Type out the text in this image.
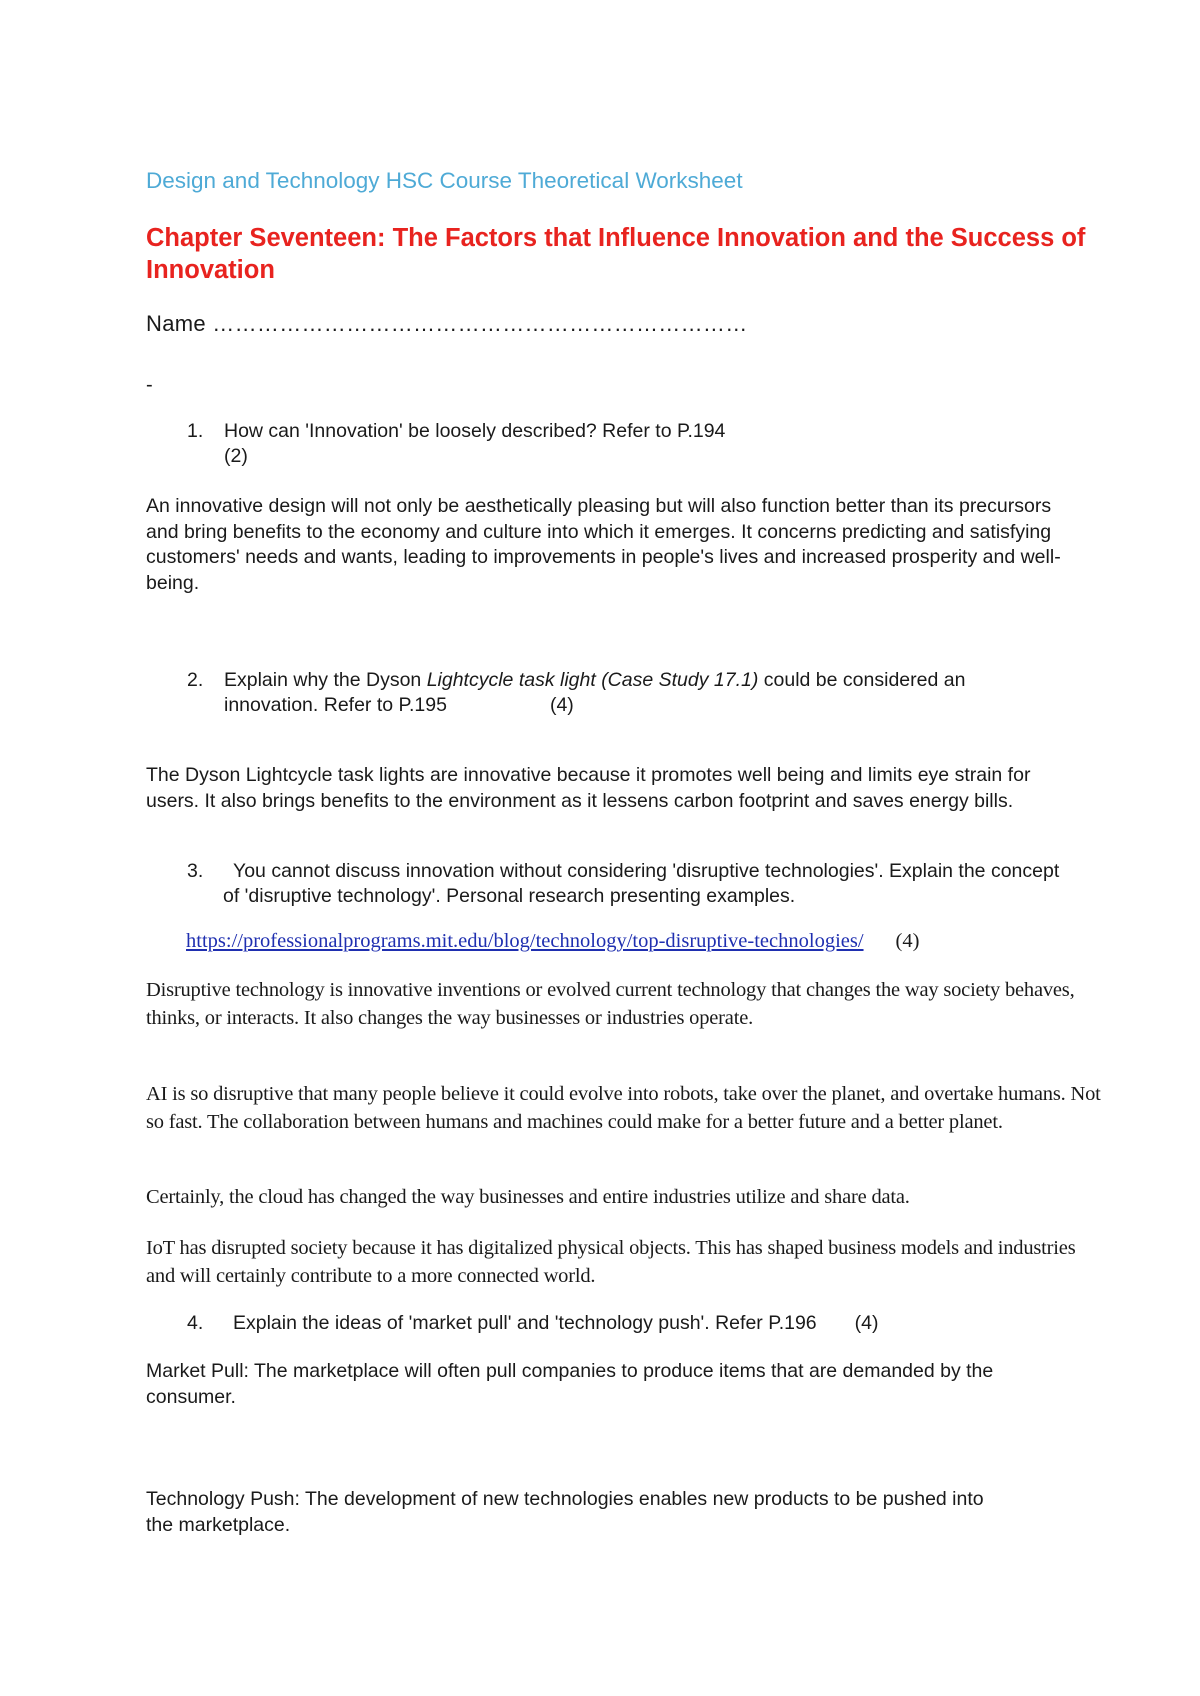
Design and Technology HSC Course Theoretical Worksheet

Chapter Seventeen: The Factors that Influence Innovation and the Success of Innovation

Name ………………………………………………………………

-

1. How can 'Innovation' be loosely described? Refer to P.194
(2)

An innovative design will not only be aesthetically pleasing but will also function better than its precursors and bring benefits to the economy and culture into which it emerges. It concerns predicting and satisfying customers' needs and wants, leading to improvements in people's lives and increased prosperity and well-being.

2. Explain why the Dyson Lightcycle task light (Case Study 17.1) could be considered an
innovation. Refer to P.195	(4)

The Dyson Lightcycle task lights are innovative because it promotes well being and limits eye strain for users. It also brings benefits to the environment as it lessens carbon footprint and saves energy bills.

3.	You cannot discuss innovation without considering 'disruptive technologies'. Explain the concept of 'disruptive technology'. Personal research presenting examples.

https://professionalprograms.mit.edu/blog/technology/top-disruptive-technologies/ (4)

Disruptive technology is innovative inventions or evolved current technology that changes the way society behaves, thinks, or interacts. It also changes the way businesses or industries operate.

AI is so disruptive that many people believe it could evolve into robots, take over the planet, and overtake humans. Not so fast. The collaboration between humans and machines could make for a better future and a better planet.

Certainly, the cloud has changed the way businesses and entire industries utilize and share data.

IoT has disrupted society because it has digitalized physical objects. This has shaped business models and industries and will certainly contribute to a more connected world.

4. Explain the ideas of 'market pull' and 'technology push'. Refer P.196 (4)

Market Pull: The marketplace will often pull companies to produce items that are demanded by the consumer.

Technology Push: The development of new technologies enables new products to be pushed into the marketplace.
